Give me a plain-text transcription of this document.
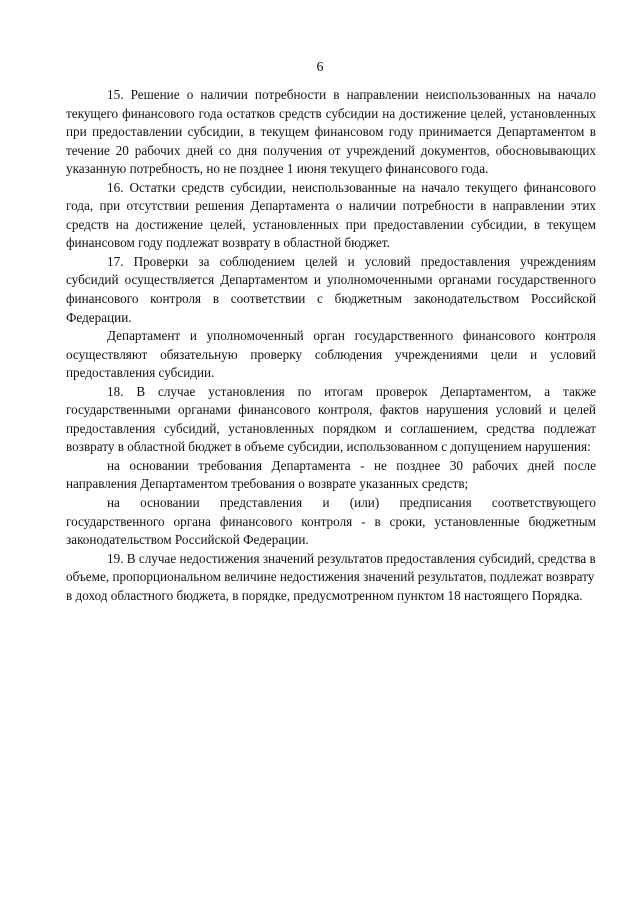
6

15. Решение о наличии потребности в направлении неиспользованных на начало текущего финансового года остатков средств субсидии на достижение целей, установленных при предоставлении субсидии, в текущем финансовом году принимается Департаментом в течение 20 рабочих дней со дня получения от учреждений документов, обосновывающих указанную потребность, но не позднее 1 июня текущего финансового года.

16. Остатки средств субсидии, неиспользованные на начало текущего финансового года, при отсутствии решения Департамента о наличии потребности в направлении этих средств на достижение целей, установленных при предоставлении субсидии, в текущем финансовом году подлежат возврату в областной бюджет.

17. Проверки за соблюдением целей и условий предоставления учреждениям субсидий осуществляется Департаментом и уполномоченными органами государственного финансового контроля в соответствии с бюджетным законодательством Российской Федерации.

Департамент и уполномоченный орган государственного финансового контроля осуществляют обязательную проверку соблюдения учреждениями цели и условий предоставления субсидии.

18. В случае установления по итогам проверок Департаментом, а также государственными органами финансового контроля, фактов нарушения условий и целей предоставления субсидий, установленных порядком и соглашением, средства подлежат возврату в областной бюджет в объеме субсидии, использованном с допущением нарушения:

на основании требования Департамента - не позднее 30 рабочих дней после направления Департаментом требования о возврате указанных средств;

на основании представления и (или) предписания соответствующего государственного органа финансового контроля - в сроки, установленные бюджетным законодательством Российской Федерации.

19. В случае недостижения значений результатов предоставления субсидий, средства в объеме, пропорциональном величине недостижения значений результатов, подлежат возврату в доход областного бюджета, в порядке, предусмотренном пунктом 18 настоящего Порядка.
